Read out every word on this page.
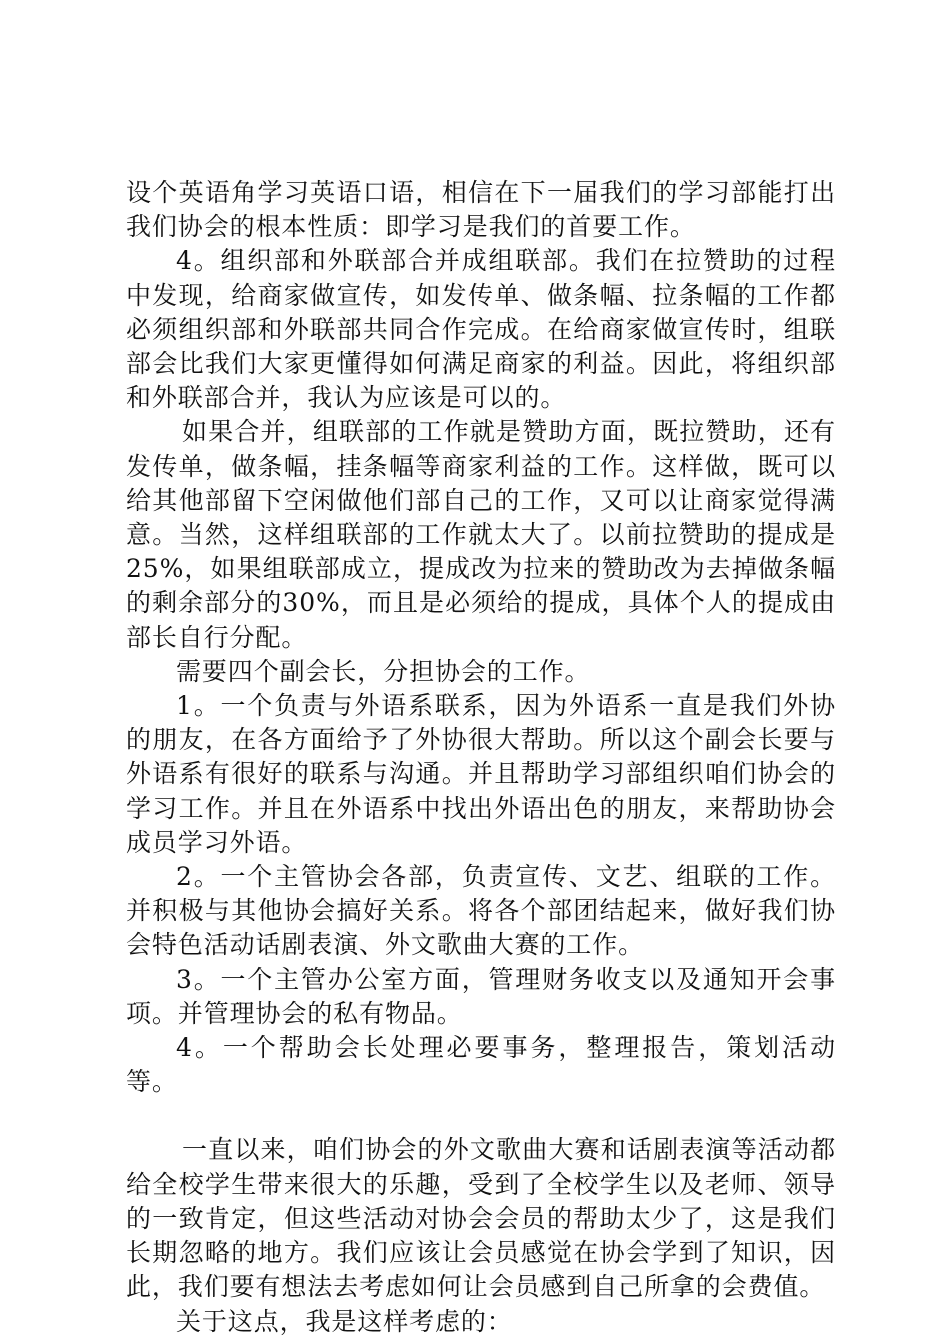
设个英语角学习英语口语，相信在下一届我们的学习部能打出我们协会的根本性质：即学习是我们的首要工作。

4。组织部和外联部合并成组联部。我们在拉赞助的过程中发现，给商家做宣传，如发传单、做条幅、拉条幅的工作都必须组织部和外联部共同合作完成。在给商家做宣传时，组联部会比我们大家更懂得如何满足商家的利益。因此，将组织部和外联部合并，我认为应该是可以的。

如果合并，组联部的工作就是赞助方面，既拉赞助，还有发传单，做条幅，挂条幅等商家利益的工作。这样做，既可以给其他部留下空闲做他们部自己的工作，又可以让商家觉得满意。当然，这样组联部的工作就太大了。以前拉赞助的提成是25%，如果组联部成立，提成改为拉来的赞助改为去掉做条幅的剩余部分的30%，而且是必须给的提成，具体个人的提成由部长自行分配。

需要四个副会长，分担协会的工作。

1。一个负责与外语系联系，因为外语系一直是我们外协的朋友，在各方面给予了外协很大帮助。所以这个副会长要与外语系有很好的联系与沟通。并且帮助学习部组织咱们协会的学习工作。并且在外语系中找出外语出色的朋友，来帮助协会成员学习外语。

2。一个主管协会各部，负责宣传、文艺、组联的工作。并积极与其他协会搞好关系。将各个部团结起来，做好我们协会特色活动话剧表演、外文歌曲大赛的工作。

3。一个主管办公室方面，管理财务收支以及通知开会事项。并管理协会的私有物品。

4。一个帮助会长处理必要事务，整理报告，策划活动等。

一直以来，咱们协会的外文歌曲大赛和话剧表演等活动都给全校学生带来很大的乐趣，受到了全校学生以及老师、领导的一致肯定，但这些活动对协会会员的帮助太少了，这是我们长期忽略的地方。我们应该让会员感觉在协会学到了知识，因此，我们要有想法去考虑如何让会员感到自己所拿的会费值。

关于这点，我是这样考虑的：
